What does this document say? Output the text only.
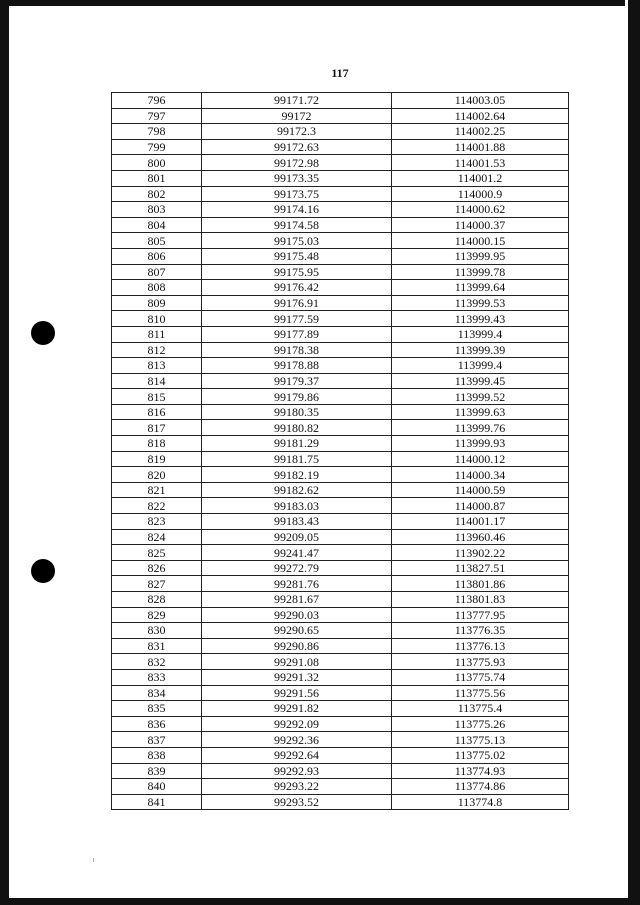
117
796	99171.72	114003.05
797	99172	114002.64
798	99172.3	114002.25
799	99172.63	114001.88
800	99172.98	114001.53
801	99173.35	114001.2
802	99173.75	114000.9
803	99174.16	114000.62
804	99174.58	114000.37
805	99175.03	114000.15
806	99175.48	113999.95
807	99175.95	113999.78
808	99176.42	113999.64
809	99176.91	113999.53
810	99177.59	113999.43
811	99177.89	113999.4
812	99178.38	113999.39
813	99178.88	113999.4
814	99179.37	113999.45
815	99179.86	113999.52
816	99180.35	113999.63
817	99180.82	113999.76
818	99181.29	113999.93
819	99181.75	114000.12
820	99182.19	114000.34
821	99182.62	114000.59
822	99183.03	114000.87
823	99183.43	114001.17
824	99209.05	113960.46
825	99241.47	113902.22
826	99272.79	113827.51
827	99281.76	113801.86
828	99281.67	113801.83
829	99290.03	113777.95
830	99290.65	113776.35
831	99290.86	113776.13
832	99291.08	113775.93
833	99291.32	113775.74
834	99291.56	113775.56
835	99291.82	113775.4
836	99292.09	113775.26
837	99292.36	113775.13
838	99292.64	113775.02
839	99292.93	113774.93
840	99293.22	113774.86
841	99293.52	113774.8
